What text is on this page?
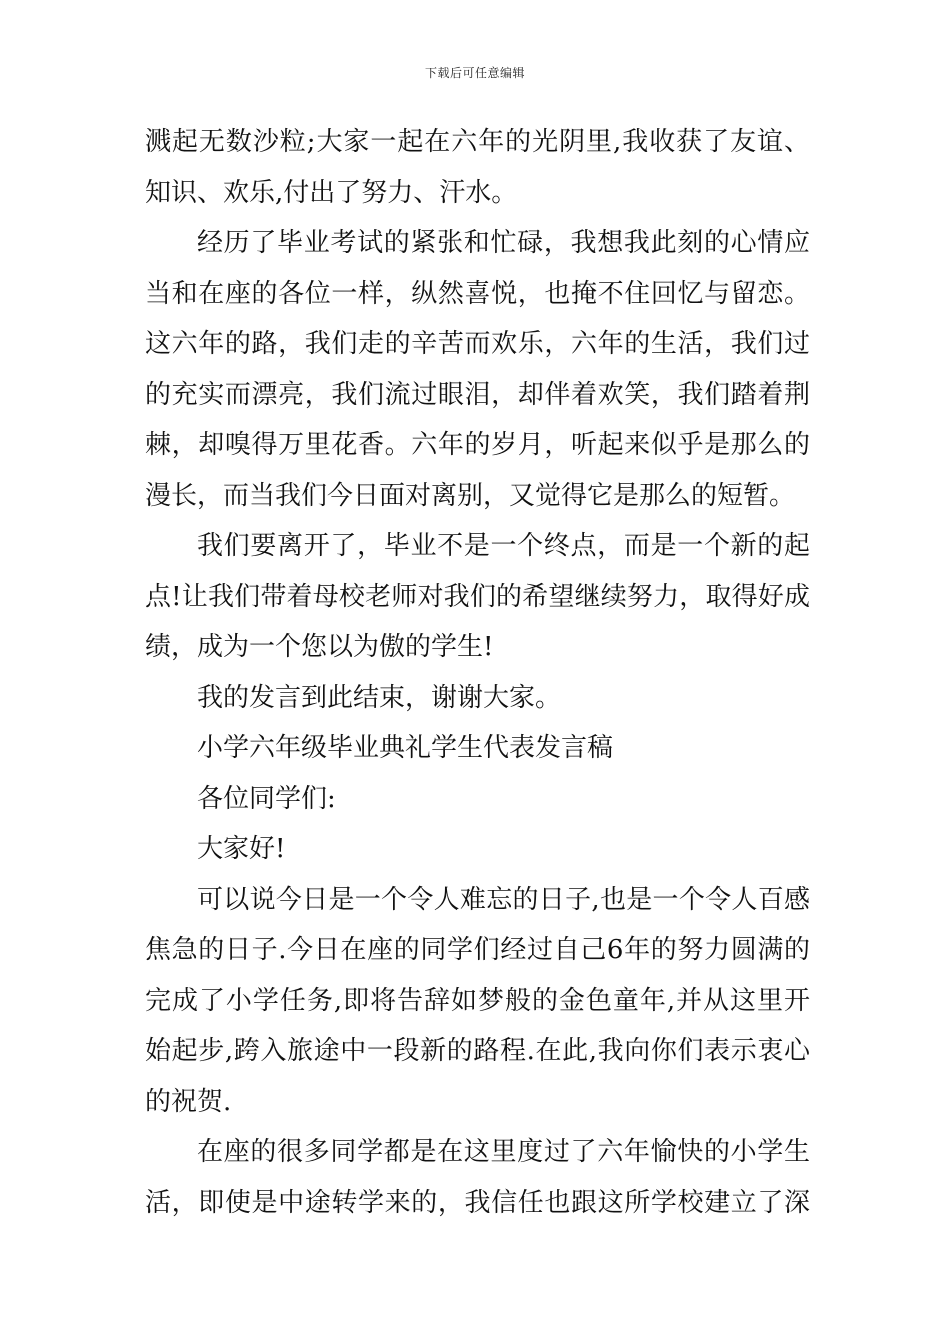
下载后可任意编辑
溅起无数沙粒;大家一起在六年的光阴里,我收获了友谊、
知识、欢乐,付出了努力、汗水。
经历了毕业考试的紧张和忙碌，我想我此刻的心情应
当和在座的各位一样，纵然喜悦，也掩不住回忆与留恋。
这六年的路，我们走的辛苦而欢乐，六年的生活，我们过
的充实而漂亮，我们流过眼泪，却伴着欢笑，我们踏着荆
棘，却嗅得万里花香。六年的岁月，听起来似乎是那么的
漫长，而当我们今日面对离别，又觉得它是那么的短暂。
我们要离开了，毕业不是一个终点，而是一个新的起
点!让我们带着母校老师对我们的希望继续努力，取得好成
绩，成为一个您以为傲的学生!
我的发言到此结束，谢谢大家。
小学六年级毕业典礼学生代表发言稿
各位同学们:
大家好!
可以说今日是一个令人难忘的日子,也是一个令人百感
焦急的日子.今日在座的同学们经过自己6年的努力圆满的
完成了小学任务,即将告辞如梦般的金色童年,并从这里开
始起步,跨入旅途中一段新的路程.在此,我向你们表示衷心
的祝贺.
在座的很多同学都是在这里度过了六年愉快的小学生
活，即使是中途转学来的，我信任也跟这所学校建立了深
